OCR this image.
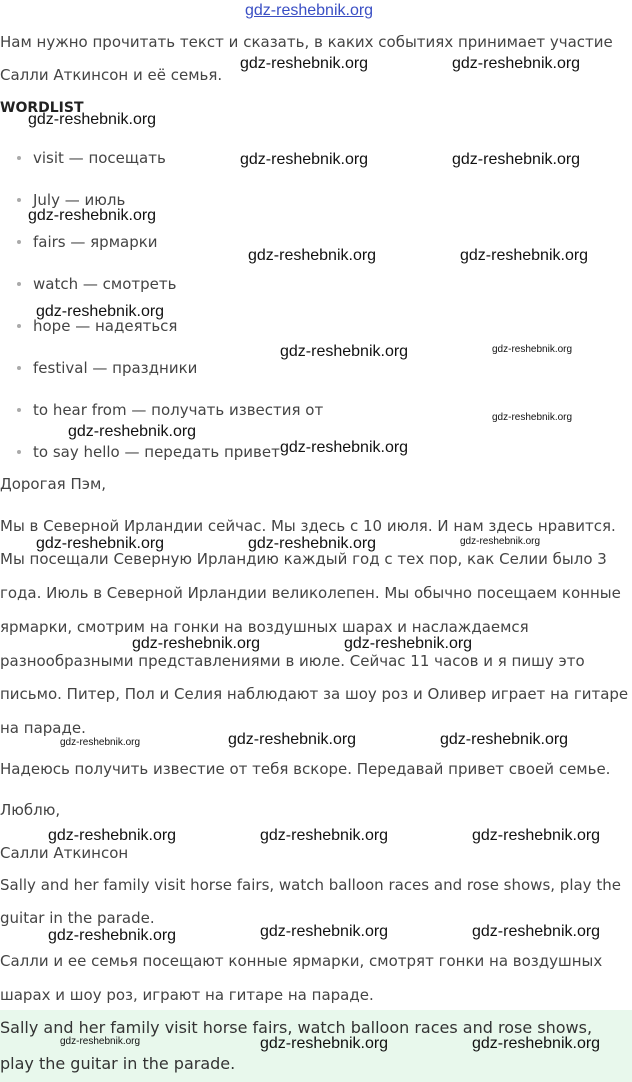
gdz-reshebnik.org
Нам нужно прочитать текст и сказать, в каких событиях принимает участие
Салли Аткинсон и её семья.
WORDLIST
visit — посещать
July — июль
fairs — ярмарки
watch — смотреть
hope — надеяться
festival — праздники
to hear from — получать известия от
to say hello — передать привет
Дорогая Пэм,
Мы в Северной Ирландии сейчас. Мы здесь с 10 июля. И нам здесь нравится.
Мы посещали Северную Ирландию каждый год с тех пор, как Селии было 3
года. Июль в Северной Ирландии великолепен. Мы обычно посещаем конные
ярмарки, смотрим на гонки на воздушных шарах и наслаждаемся
разнообразными представлениями в июле. Сейчас 11 часов и я пишу это
письмо. Питер, Пол и Селия наблюдают за шоу роз и Оливер играет на гитаре
на параде.
Надеюсь получить известие от тебя вскоре. Передавай привет своей семье.
Люблю,
Салли Аткинсон
Sally and her family visit horse fairs, watch balloon races and rose shows, play the
guitar in the parade.
Салли и ее семья посещают конные ярмарки, смотрят гонки на воздушных
шарах и шоу роз, играют на гитаре на параде.
Sally and her family visit horse fairs, watch balloon races and rose shows,
play the guitar in the parade.
gdz-reshebnik.org	gdz-reshebnik.org
gdz-reshebnik.org
gdz-reshebnik.org	gdz-reshebnik.org
gdz-reshebnik.org
gdz-reshebnik.org	gdz-reshebnik.org
gdz-reshebnik.org
gdz-reshebnik.org	gdz-reshebnik.org
gdz-reshebnik.org
gdz-reshebnik.org
gdz-reshebnik.org
gdz-reshebnik.org	gdz-reshebnik.org	gdz-reshebnik.org
gdz-reshebnik.org	gdz-reshebnik.org
gdz-reshebnik.org	gdz-reshebnik.org	gdz-reshebnik.org
gdz-reshebnik.org	gdz-reshebnik.org	gdz-reshebnik.org
gdz-reshebnik.org	gdz-reshebnik.org	gdz-reshebnik.org
gdz-reshebnik.org	gdz-reshebnik.org	gdz-reshebnik.org
